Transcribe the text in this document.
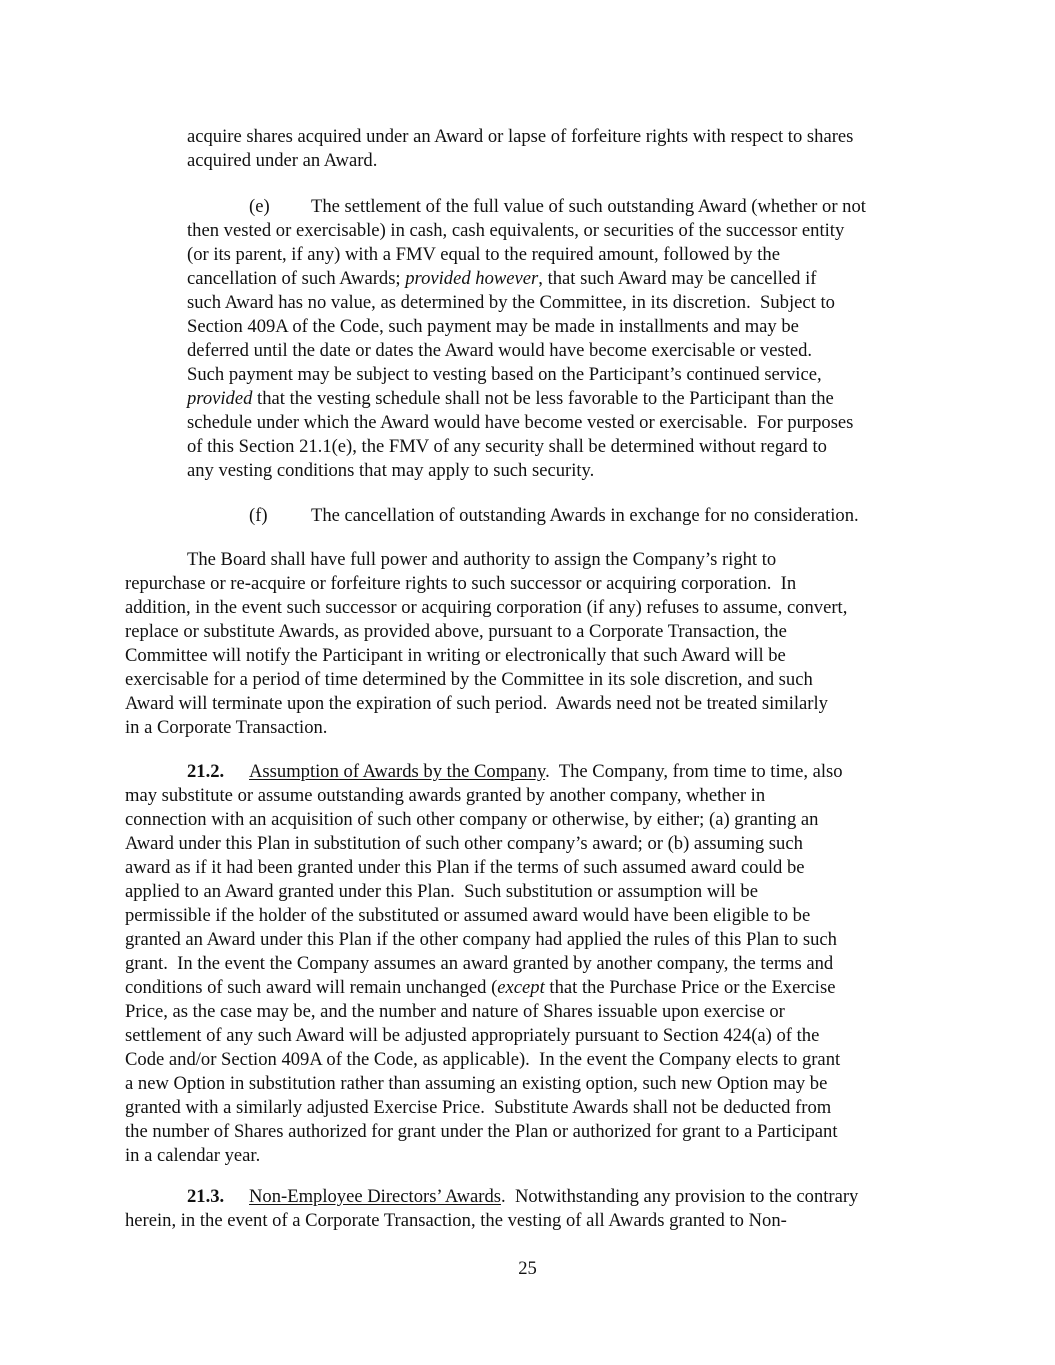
acquire shares acquired under an Award or lapse of forfeiture rights with respect to shares
acquired under an Award.
(e) The settlement of the full value of such outstanding Award (whether or not
then vested or exercisable) in cash, cash equivalents, or securities of the successor entity
(or its parent, if any) with a FMV equal to the required amount, followed by the
cancellation of such Awards; provided however, that such Award may be cancelled if
such Award has no value, as determined by the Committee, in its discretion.  Subject to
Section 409A of the Code, such payment may be made in installments and may be
deferred until the date or dates the Award would have become exercisable or vested.
Such payment may be subject to vesting based on the Participant’s continued service,
provided that the vesting schedule shall not be less favorable to the Participant than the
schedule under which the Award would have become vested or exercisable.  For purposes
of this Section 21.1(e), the FMV of any security shall be determined without regard to
any vesting conditions that may apply to such security.
(f) The cancellation of outstanding Awards in exchange for no consideration.
The Board shall have full power and authority to assign the Company’s right to
repurchase or re-acquire or forfeiture rights to such successor or acquiring corporation.  In
addition, in the event such successor or acquiring corporation (if any) refuses to assume, convert,
replace or substitute Awards, as provided above, pursuant to a Corporate Transaction, the
Committee will notify the Participant in writing or electronically that such Award will be
exercisable for a period of time determined by the Committee in its sole discretion, and such
Award will terminate upon the expiration of such period.  Awards need not be treated similarly
in a Corporate Transaction.
21.2. Assumption of Awards by the Company.  The Company, from time to time, also
may substitute or assume outstanding awards granted by another company, whether in
connection with an acquisition of such other company or otherwise, by either; (a) granting an
Award under this Plan in substitution of such other company’s award; or (b) assuming such
award as if it had been granted under this Plan if the terms of such assumed award could be
applied to an Award granted under this Plan.  Such substitution or assumption will be
permissible if the holder of the substituted or assumed award would have been eligible to be
granted an Award under this Plan if the other company had applied the rules of this Plan to such
grant.  In the event the Company assumes an award granted by another company, the terms and
conditions of such award will remain unchanged (except that the Purchase Price or the Exercise
Price, as the case may be, and the number and nature of Shares issuable upon exercise or
settlement of any such Award will be adjusted appropriately pursuant to Section 424(a) of the
Code and/or Section 409A of the Code, as applicable).  In the event the Company elects to grant
a new Option in substitution rather than assuming an existing option, such new Option may be
granted with a similarly adjusted Exercise Price.  Substitute Awards shall not be deducted from
the number of Shares authorized for grant under the Plan or authorized for grant to a Participant
in a calendar year.
21.3. Non-Employee Directors’ Awards.  Notwithstanding any provision to the contrary
herein, in the event of a Corporate Transaction, the vesting of all Awards granted to Non-
25
